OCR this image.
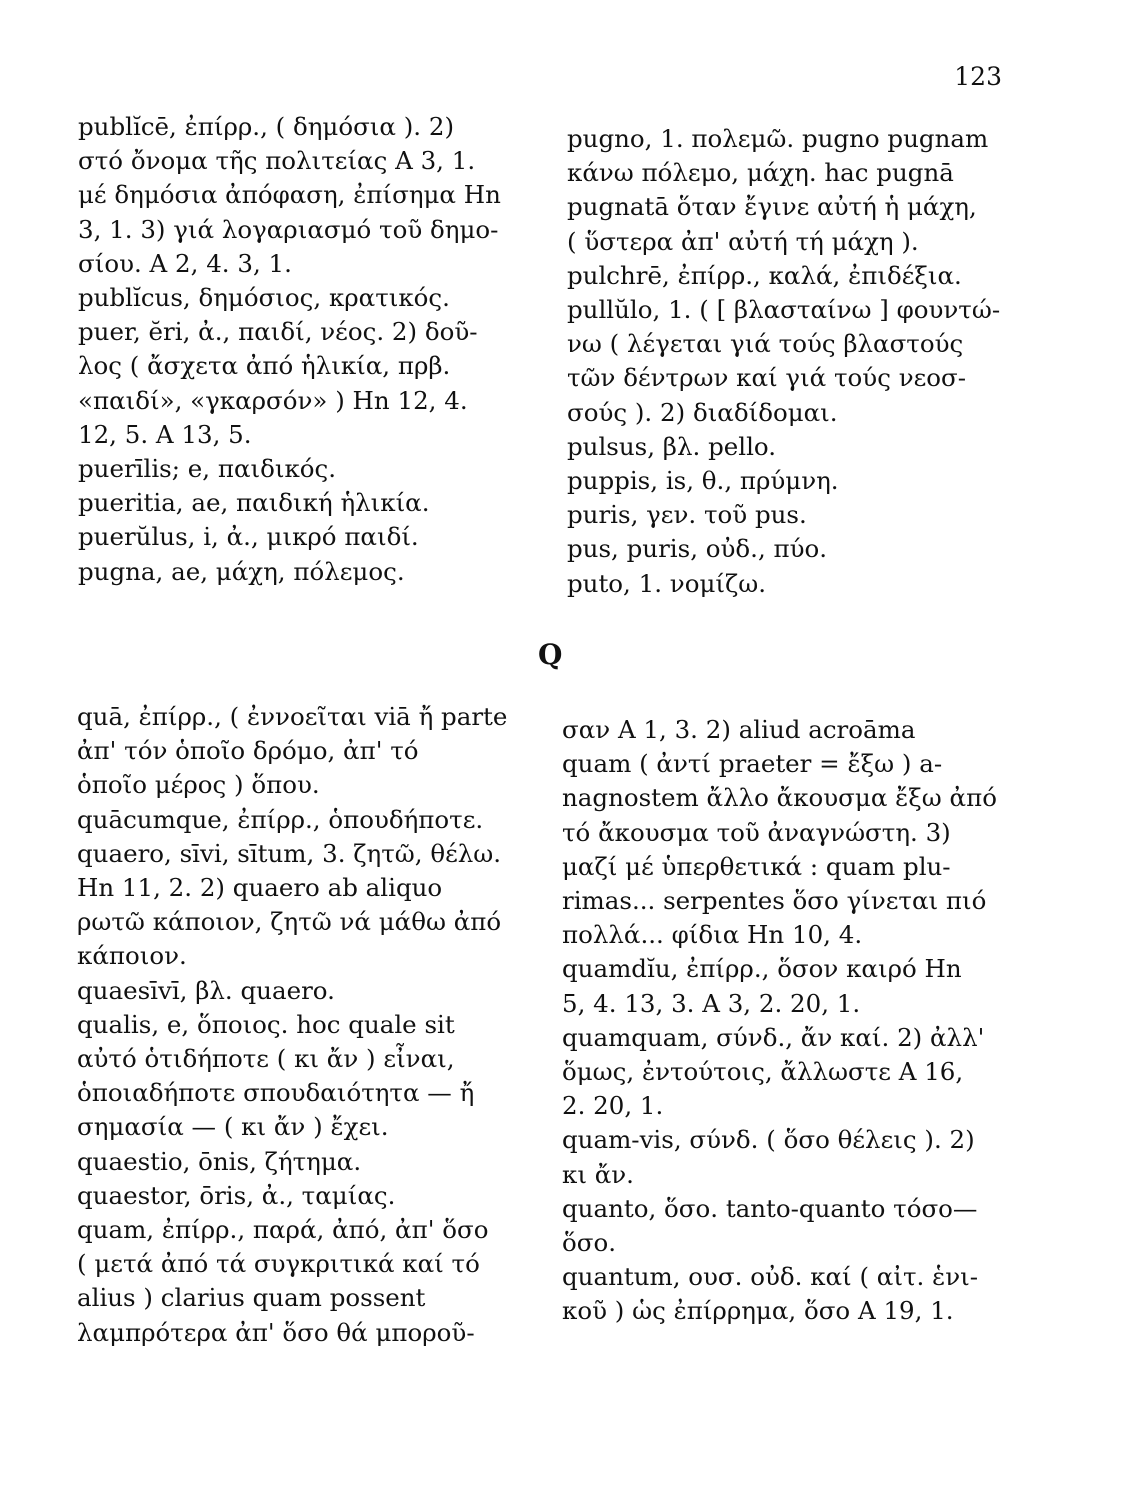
123
publĭcē, ἐπίρρ., ( δημόσια ). 2)
στό ὄνομα τῆς πολιτείας Α 3, 1.
μέ δημόσια ἀπόφαση, ἐπίσημα Ηn
3, 1. 3) γιά λογαριασμό τοῦ δημο-
σίου. Α 2, 4. 3, 1.
publĭcus, δημόσιος, κρατικός.
puer, ĕri, ἀ., παιδί, νέος. 2) δοῦ-
λος ( ἄσχετα ἀπό ἡλικία, πρβ.
«παιδί», «γκαρσόν» ) Ηn 12, 4.
12, 5. Α 13, 5.
puerīlis; e, παιδικός.
pueritia, ae, παιδική ἡλικία.
puerŭlus, i, ἀ., μικρό παιδί.
pugna, ae, μάχη, πόλεμος.
pugno, 1. πολεμῶ. pugno pugnam
κάνω πόλεμο, μάχη. hac pugnā
pugnatā ὅταν ἔγινε αὐτή ἡ μάχη,
( ὕστερα ἀπ' αὐτή τή μάχη ).
pulchrē, ἐπίρρ., καλά, ἐπιδέξια.
pullŭlo, 1. ( [ βλασταίνω ] φουντώ-
νω ( λέγεται γιά τούς βλαστούς
τῶν δέντρων καί γιά τούς νεοσ-
σούς ). 2) διαδίδομαι.
pulsus, βλ. pello.
puppis, is, θ., πρύμνη.
puris, γεν. τοῦ pus.
pus, puris, οὐδ., πύο.
puto, 1. νομίζω.
Q
quā, ἐπίρρ., ( ἐννοεῖται viā ἤ parte
ἀπ' τόν ὁποῖο δρόμο, ἀπ' τό
ὁποῖο μέρος ) ὅπου.
quācumque, ἐπίρρ., ὁπουδήποτε.
quaero, sīvi, sītum, 3. ζητῶ, θέλω.
Ηn 11, 2. 2) quaero ab aliquo
ρωτῶ κάποιον, ζητῶ νά μάθω ἀπό
κάποιον.
quaesīvī, βλ. quaero.
qualis, e, ὅποιος. hoc quale sit
αὐτό ὁτιδήποτε ( κι ἄν ) εἶναι,
ὁποιαδήποτε σπουδαιότητα — ἤ
σημασία — ( κι ἄν ) ἔχει.
quaestio, ōnis, ζήτημα.
quaestor, ōris, ἀ., ταμίας.
quam, ἐπίρρ., παρά, ἀπό, ἀπ' ὅσο
( μετά ἀπό τά συγκριτικά καί τό
alius ) clarius quam possent
λαμπρότερα ἀπ' ὅσο θά μποροῦ-
σαν Α 1, 3. 2) aliud acroāma
quam ( ἀντί praeter = ἔξω ) a-
nagnostem ἄλλο ἄκουσμα ἔξω ἀπό
τό ἄκουσμα τοῦ ἀναγνώστη. 3)
μαζί μέ ὑπερθετικά : quam plu-
rimas... serpentes ὅσο γίνεται πιό
πολλά... φίδια Ηn 10, 4.
quamdĭu, ἐπίρρ., ὅσον καιρό Ηn
5, 4. 13, 3. Α 3, 2. 20, 1.
quamquam, σύνδ., ἄν καί. 2) ἀλλ'
ὅμως, ἐντούτοις, ἄλλωστε Α 16,
2. 20, 1.
quam-vis, σύνδ. ( ὅσο θέλεις ). 2)
κι ἄν.
quanto, ὅσο. tanto-quanto τόσο—
ὅσο.
quantum, ουσ. οὐδ. καί ( αἰτ. ἑνι-
κοῦ ) ὡς ἐπίρρημα, ὅσο Α 19, 1.
